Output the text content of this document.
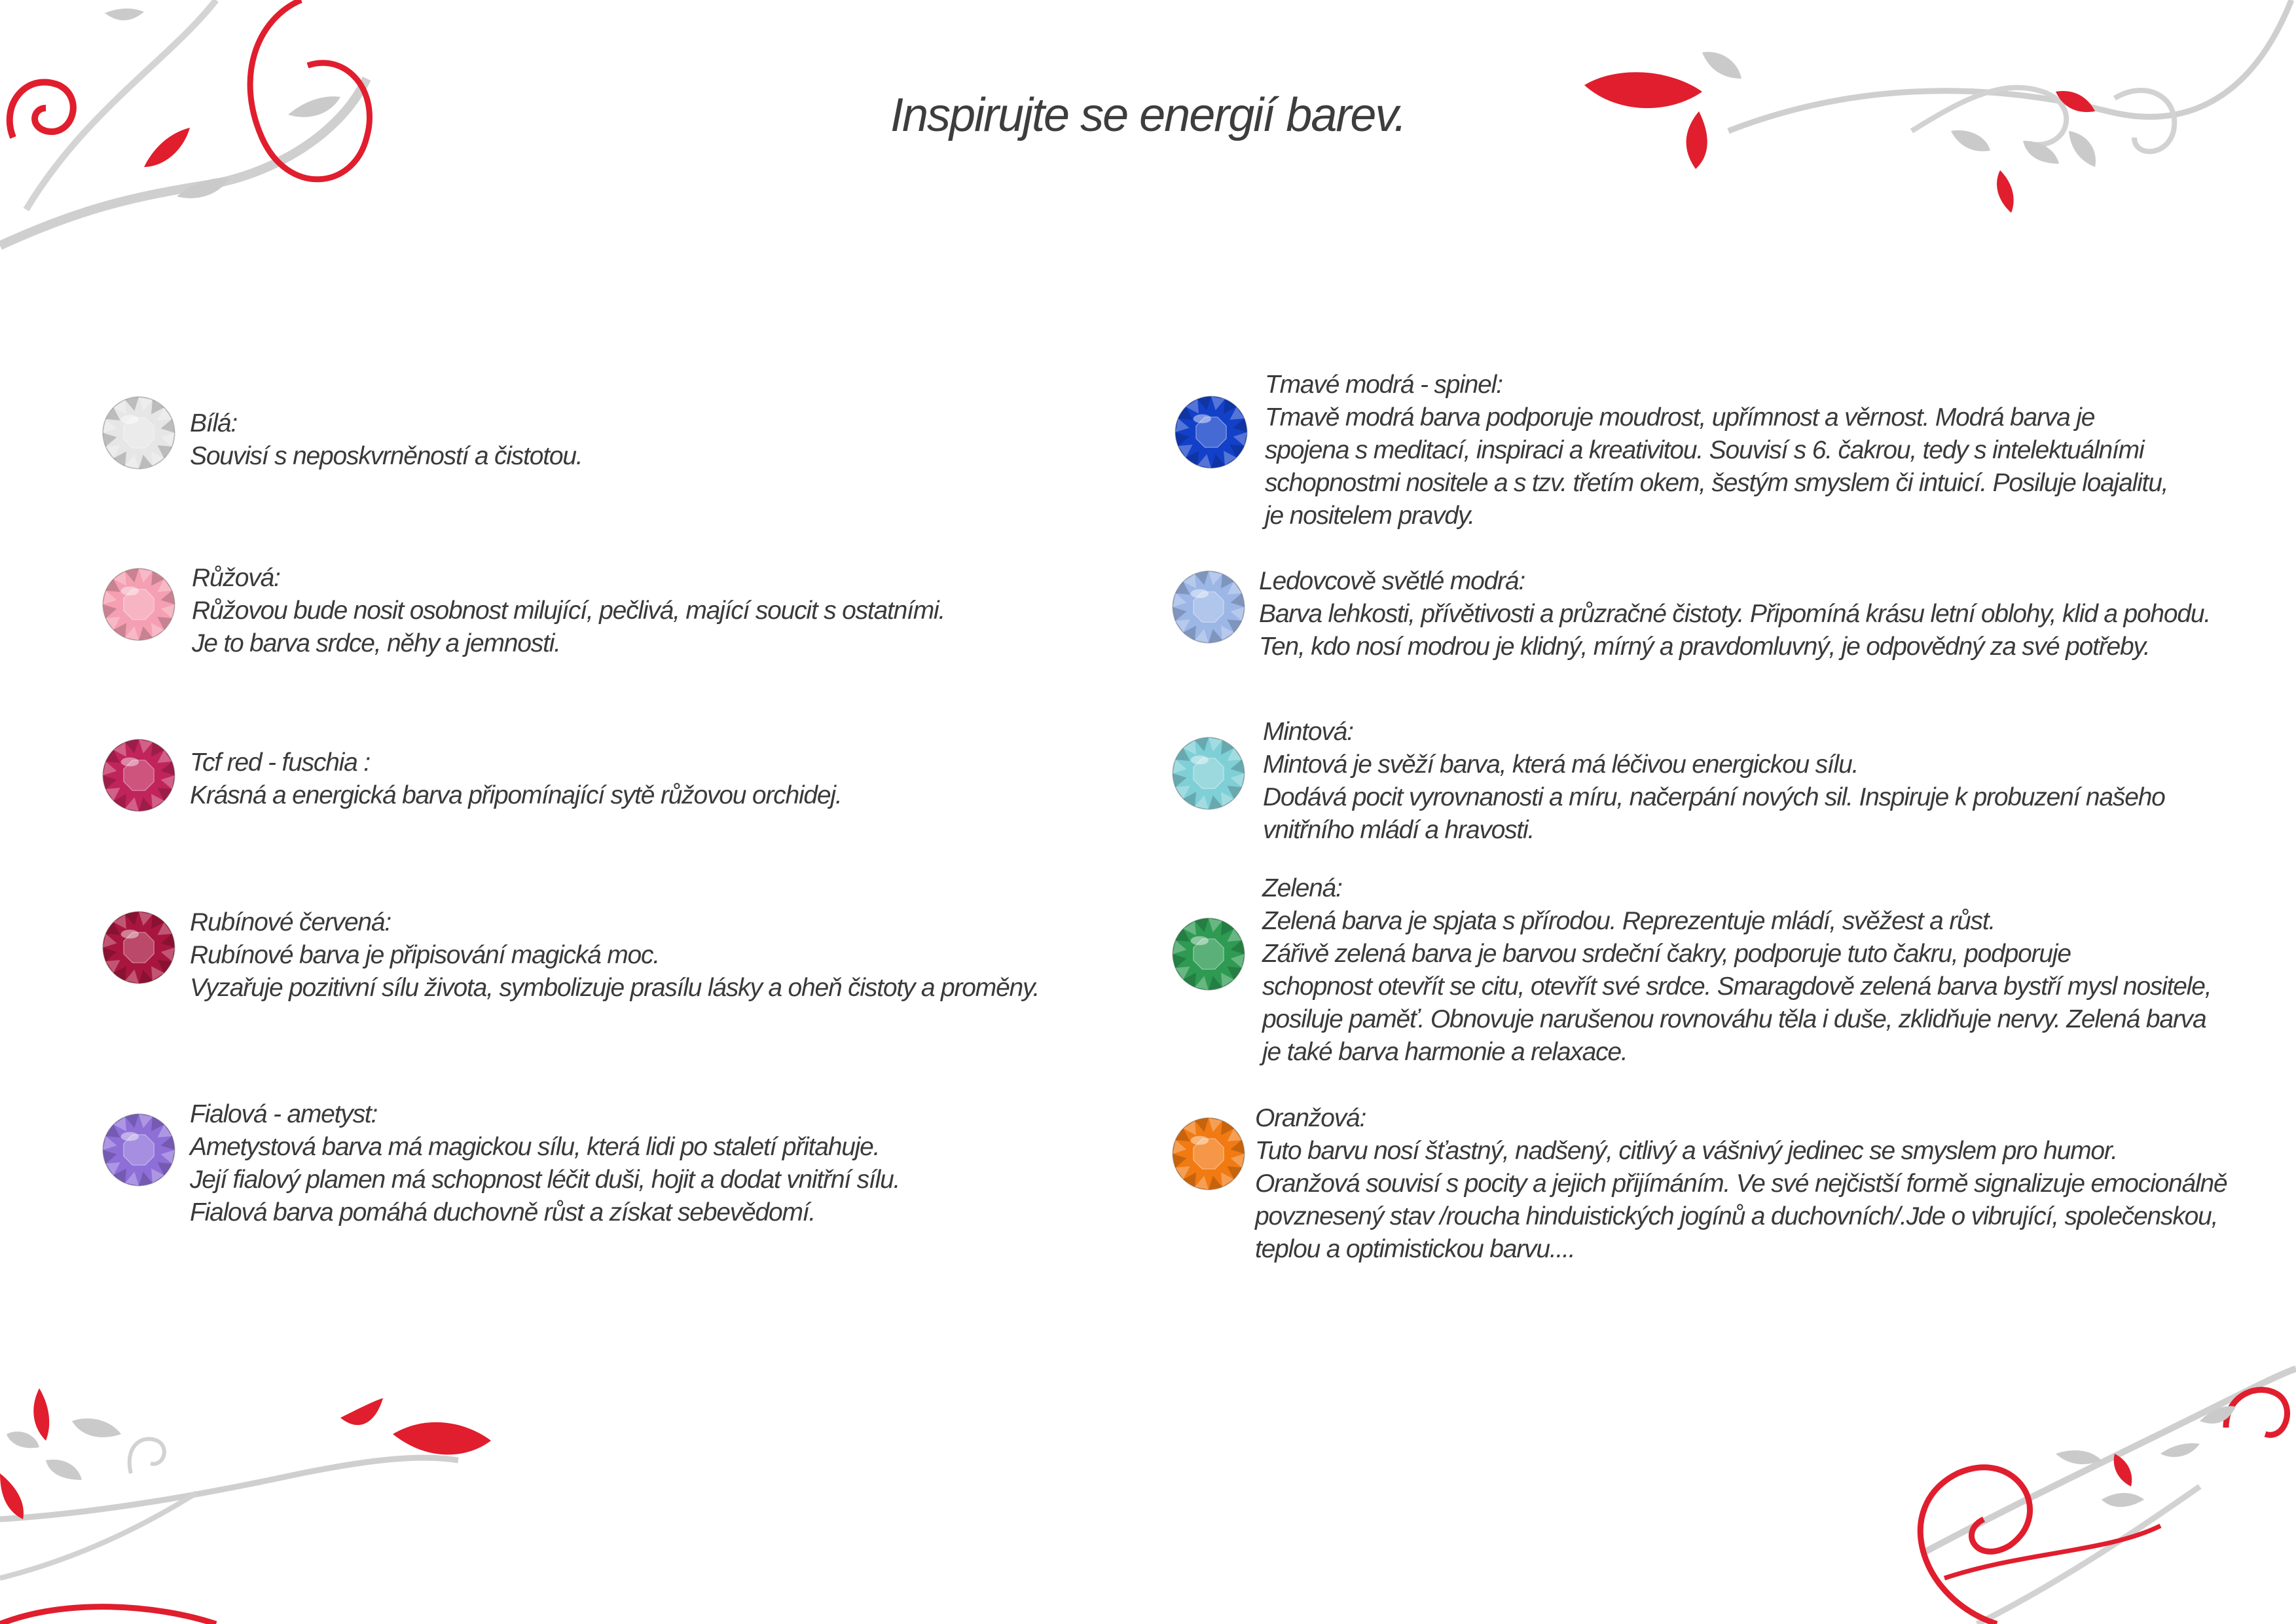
Inspirujte se energií barev.
Bílá:
Souvisí s neposkvrněností a čistotou.
Růžová:
Růžovou bude nosit osobnost milující, pečlivá, mající soucit s ostatními.
Je to barva srdce, něhy a jemnosti.
Tcf red - fuschia :
Krásná a energická barva připomínající sytě růžovou orchidej.
Rubínové červená:
Rubínové barva je připisování magická moc.
Vyzařuje pozitivní sílu života, symbolizuje prasílu lásky a oheň čistoty a proměny.
Fialová - ametyst:
Ametystová barva má magickou sílu, která lidi po staletí přitahuje.
Její fialový plamen má schopnost léčit duši, hojit a dodat vnitřní sílu.
Fialová barva pomáhá duchovně růst a získat sebevědomí.
Tmavé modrá - spinel:
Tmavě modrá barva podporuje moudrost, upřímnost a věrnost. Modrá barva je
spojena s meditací, inspiraci a kreativitou. Souvisí s 6. čakrou, tedy s intelektuálními
schopnostmi nositele a s tzv. třetím okem, šestým smyslem či intuicí. Posiluje loajalitu,
je nositelem pravdy.
Ledovcově světlé modrá:
Barva lehkosti, přívětivosti a průzračné čistoty. Připomíná krásu letní oblohy, klid a pohodu.
Ten, kdo nosí modrou je klidný, mírný a pravdomluvný, je odpovědný za své potřeby.
Mintová:
Mintová je svěží barva, která má léčivou energickou sílu.
Dodává pocit vyrovnanosti a míru, načerpání nových sil. Inspiruje k probuzení našeho
vnitřního mládí a hravosti.
Zelená:
Zelená barva je spjata s přírodou. Reprezentuje mládí, svěžest a růst.
Zářivě zelená barva je barvou srdeční čakry, podporuje tuto čakru, podporuje
schopnost otevřít se citu, otevřít své srdce. Smaragdově zelená barva bystří mysl nositele,
posiluje paměť. Obnovuje narušenou rovnováhu těla i duše, zklidňuje nervy. Zelená barva
je také barva harmonie a relaxace.
Oranžová:
Tuto barvu nosí šťastný, nadšený, citlivý a vášnivý jedinec se smyslem pro humor.
Oranžová souvisí s pocity a jejich přijímáním. Ve své nejčistší formě signalizuje emocionálně
povznesený stav /roucha hinduistických jogínů a duchovních/.Jde o vibrující, společenskou,
teplou a optimistickou barvu....
